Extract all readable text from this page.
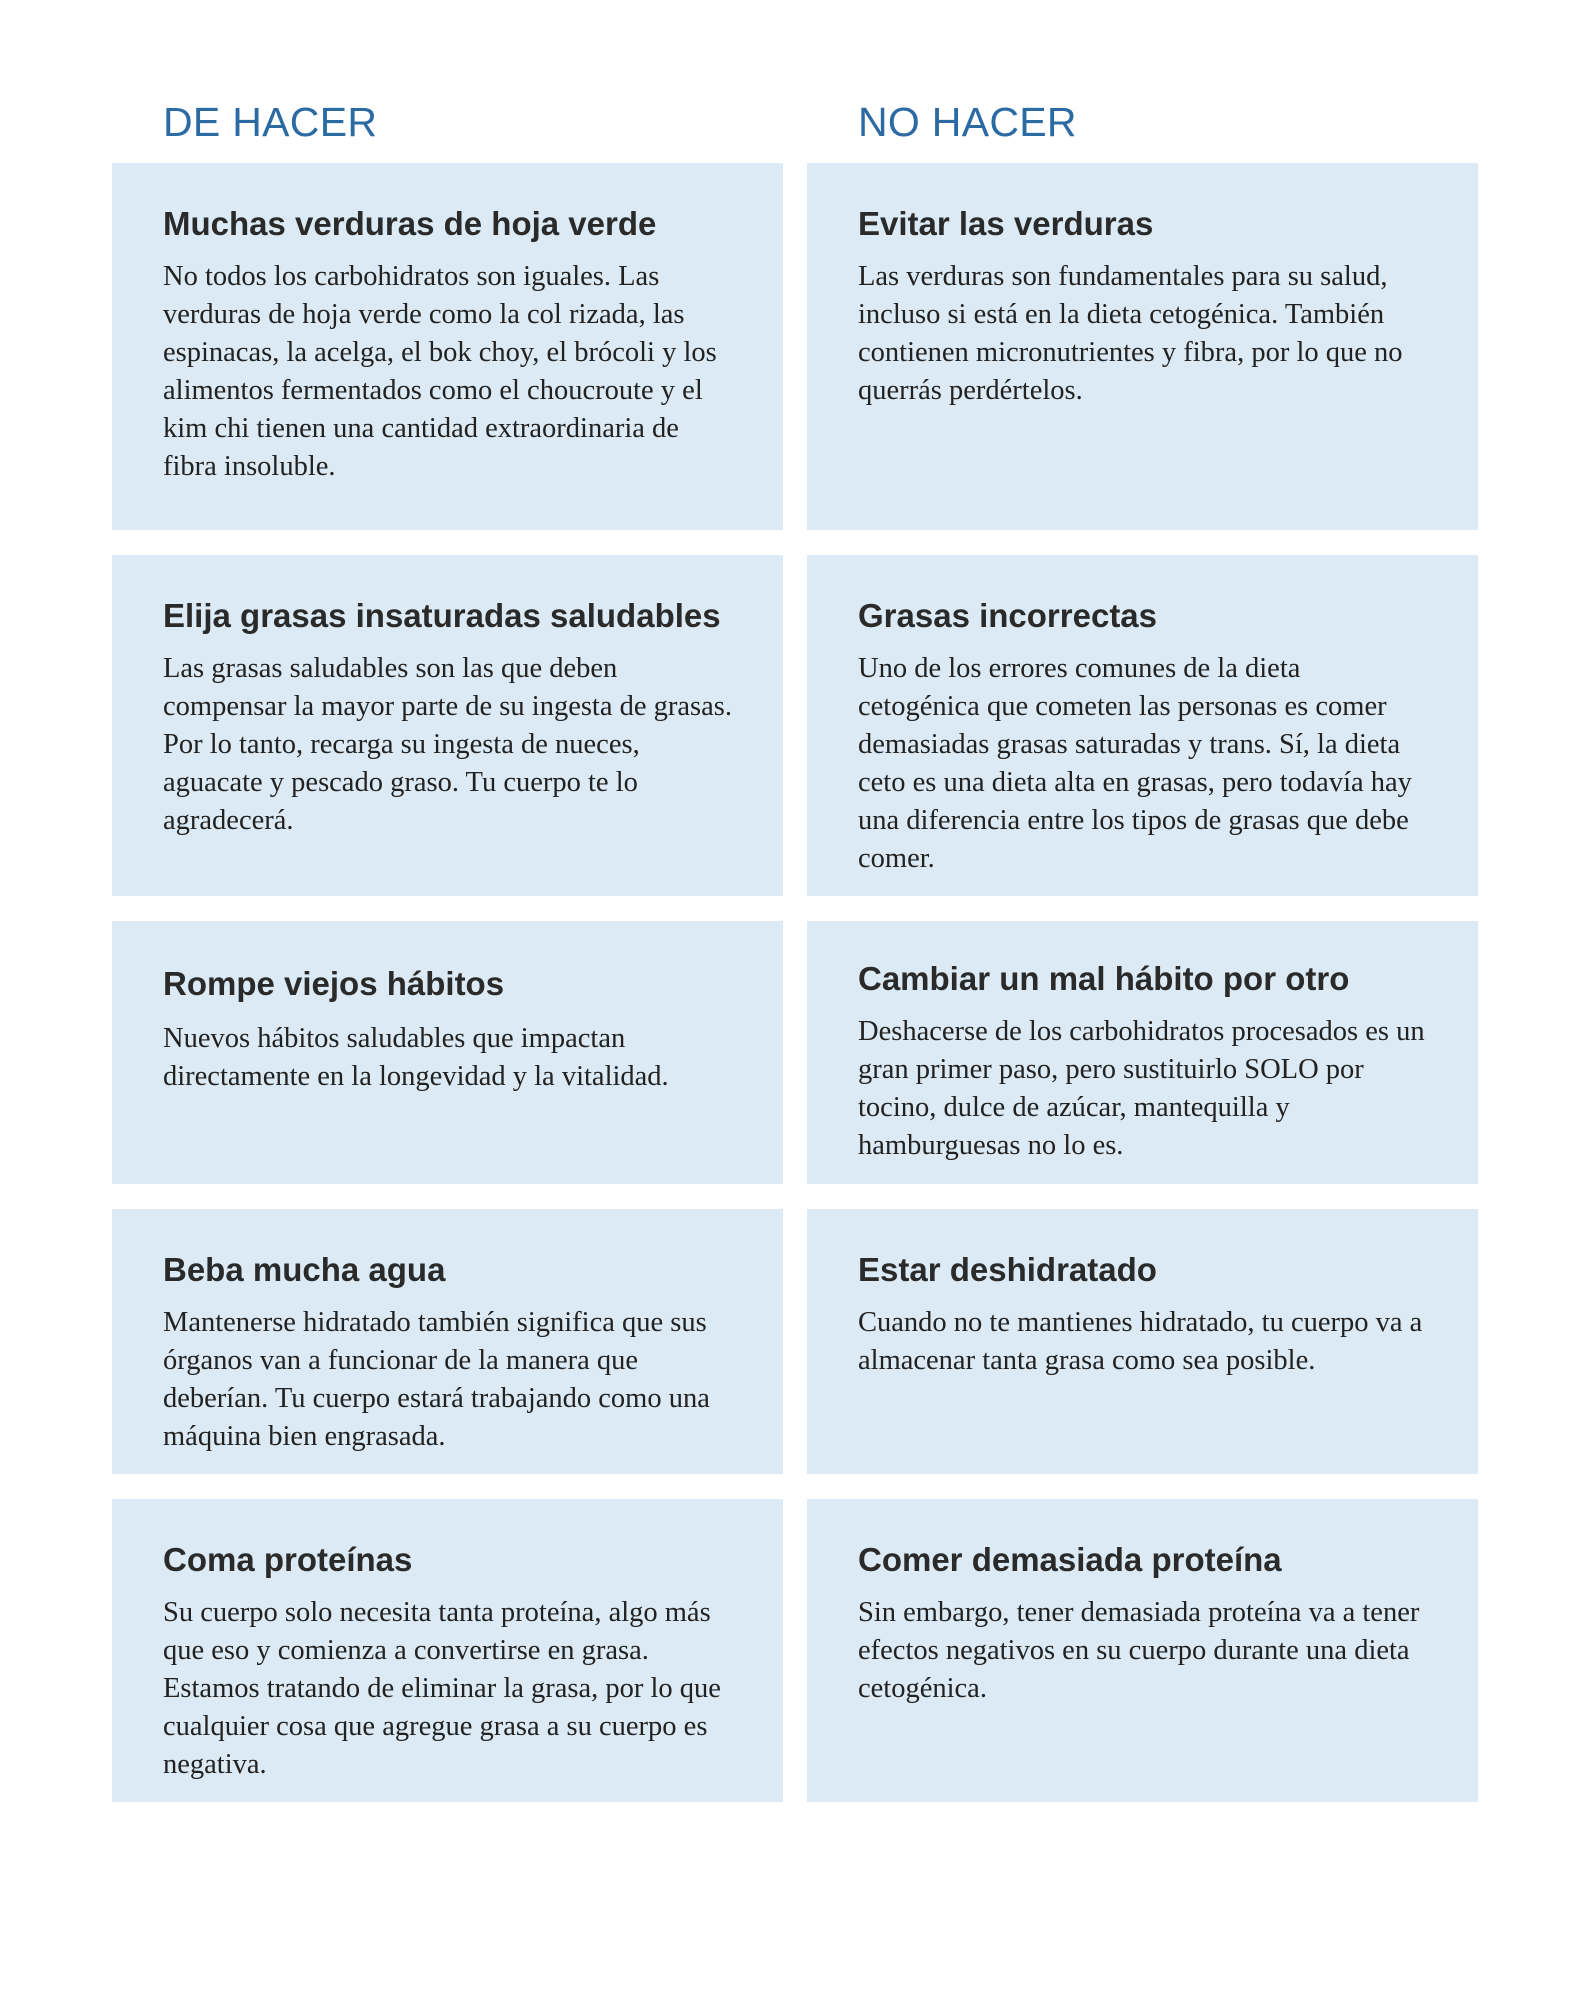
DE HACER	NO HACER
Muchas verduras de hoja verde

No todos los carbohidratos son iguales. Las verduras de hoja verde como la col rizada, las espinacas, la acelga, el bok choy, el brócoli y los alimentos fermentados como el choucroute y el kim chi tienen una cantidad extraordinaria de fibra insoluble.

Evitar las verduras

Las verduras son fundamentales para su salud, incluso si está en la dieta cetogénica. También contienen micronutrientes y fibra, por lo que no querrás perdértelos.

Elija grasas insaturadas saludables

Las grasas saludables son las que deben compensar la mayor parte de su ingesta de grasas. Por lo tanto, recarga su ingesta de nueces, aguacate y pescado graso. Tu cuerpo te lo agradecerá.

Grasas incorrectas

Uno de los errores comunes de la dieta cetogénica que cometen las personas es comer demasiadas grasas saturadas y trans. Sí, la dieta ceto es una dieta alta en grasas, pero todavía hay una diferencia entre los tipos de grasas que debe comer.

Rompe viejos hábitos

Nuevos hábitos saludables que impactan directamente en la longevidad y la vitalidad.

Cambiar un mal hábito por otro

Deshacerse de los carbohidratos procesados es un gran primer paso, pero sustituirlo SOLO por tocino, dulce de azúcar, mantequilla y hamburguesas no lo es.

Beba mucha agua

Mantenerse hidratado también significa que sus órganos van a funcionar de la manera que deberían. Tu cuerpo estará trabajando como una máquina bien engrasada.

Estar deshidratado

Cuando no te mantienes hidratado, tu cuerpo va a almacenar tanta grasa como sea posible.

Coma proteínas

Su cuerpo solo necesita tanta proteína, algo más que eso y comienza a convertirse en grasa. Estamos tratando de eliminar la grasa, por lo que cualquier cosa que agregue grasa a su cuerpo es negativa.

Comer demasiada proteína

Sin embargo, tener demasiada proteína va a tener efectos negativos en su cuerpo durante una dieta cetogénica.
